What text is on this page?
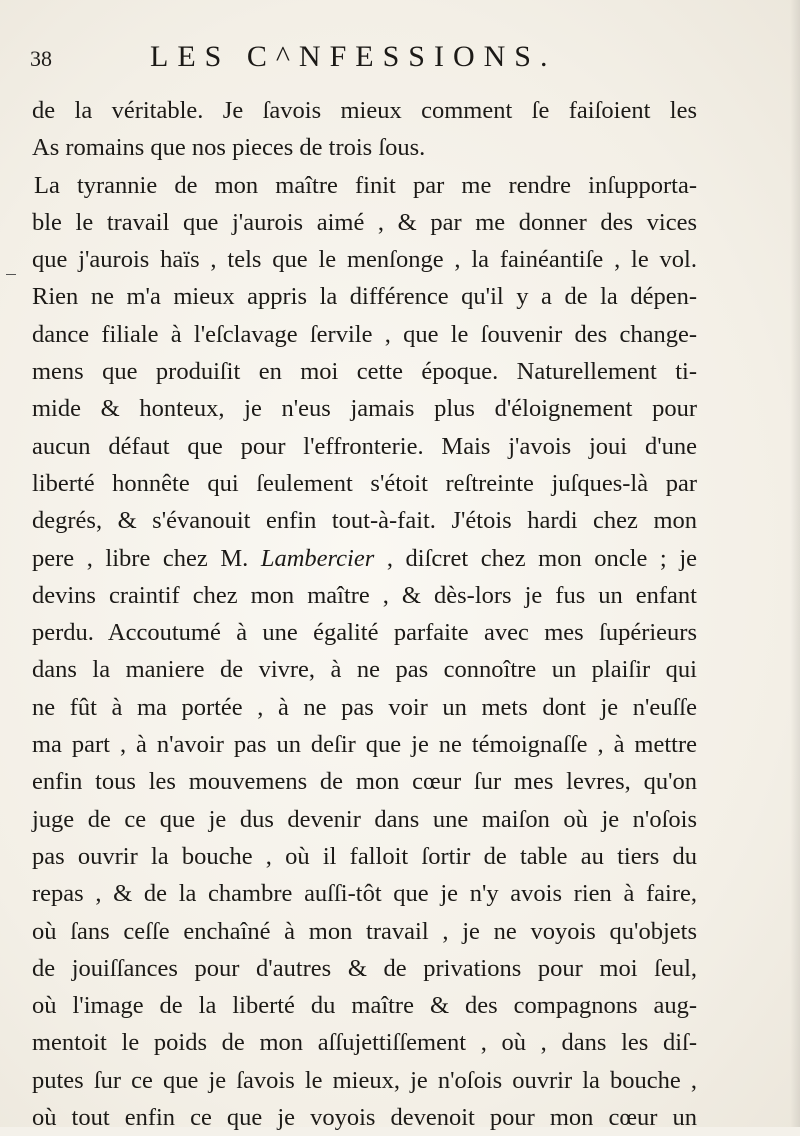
38	LES C^NFESSIONS.
de la véritable. Je ſavois mieux comment ſe faiſoient les
As romains que nos pieces de trois ſous.
La tyrannie de mon maître finit par me rendre inſupporta-
ble le travail que j'aurois aimé , & par me donner des vices
que j'aurois haïs , tels que le menſonge , la fainéantiſe , le vol.
Rien ne m'a mieux appris la différence qu'il y a de la dépen-
dance filiale à l'eſclavage ſervile , que le ſouvenir des change-
mens que produiſit en moi cette époque. Naturellement ti-
mide & honteux, je n'eus jamais plus d'éloignement pour
aucun défaut que pour l'effronterie. Mais j'avois joui d'une
liberté honnête qui ſeulement s'étoit reſtreinte juſques-là par
degrés, & s'évanouit enfin tout-à-fait. J'étois hardi chez mon
pere , libre chez M. Lambercier , diſcret chez mon oncle ; je
devins craintif chez mon maître , & dès-lors je fus un enfant
perdu. Accoutumé à une égalité parfaite avec mes ſupérieurs
dans la maniere de vivre, à ne pas connoître un plaiſir qui
ne fût à ma portée , à ne pas voir un mets dont je n'euſſe
ma part , à n'avoir pas un deſir que je ne témoignaſſe , à mettre
enfin tous les mouvemens de mon cœur ſur mes levres, qu'on
juge de ce que je dus devenir dans une maiſon où je n'oſois
pas ouvrir la bouche , où il falloit ſortir de table au tiers du
repas , & de la chambre auſſi-tôt que je n'y avois rien à faire,
où ſans ceſſe enchaîné à mon travail , je ne voyois qu'objets
de jouiſſances pour d'autres & de privations pour moi ſeul,
où l'image de la liberté du maître & des compagnons aug-
mentoit le poids de mon aſſujettiſſement , où , dans les diſ-
putes ſur ce que je ſavois le mieux, je n'oſois ouvrir la bouche ,
où tout enfin ce que je voyois devenoit pour mon cœur un
